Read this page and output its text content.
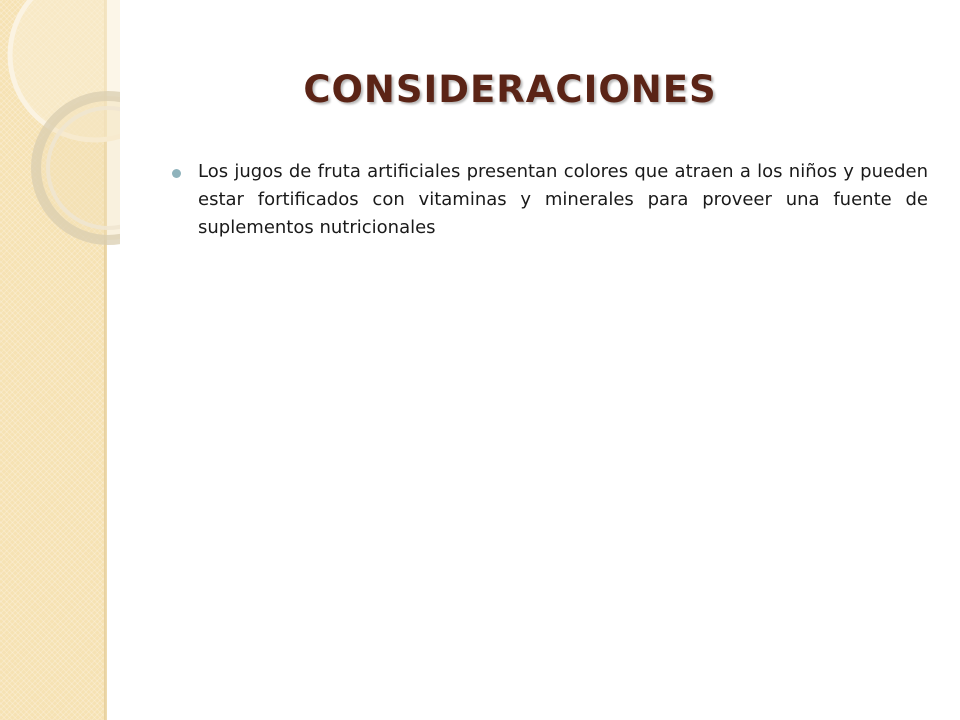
CONSIDERACIONES
Los jugos de fruta artificiales presentan colores que atraen a los niños y pueden estar fortificados con vitaminas y minerales para proveer una fuente de suplementos nutricionales
